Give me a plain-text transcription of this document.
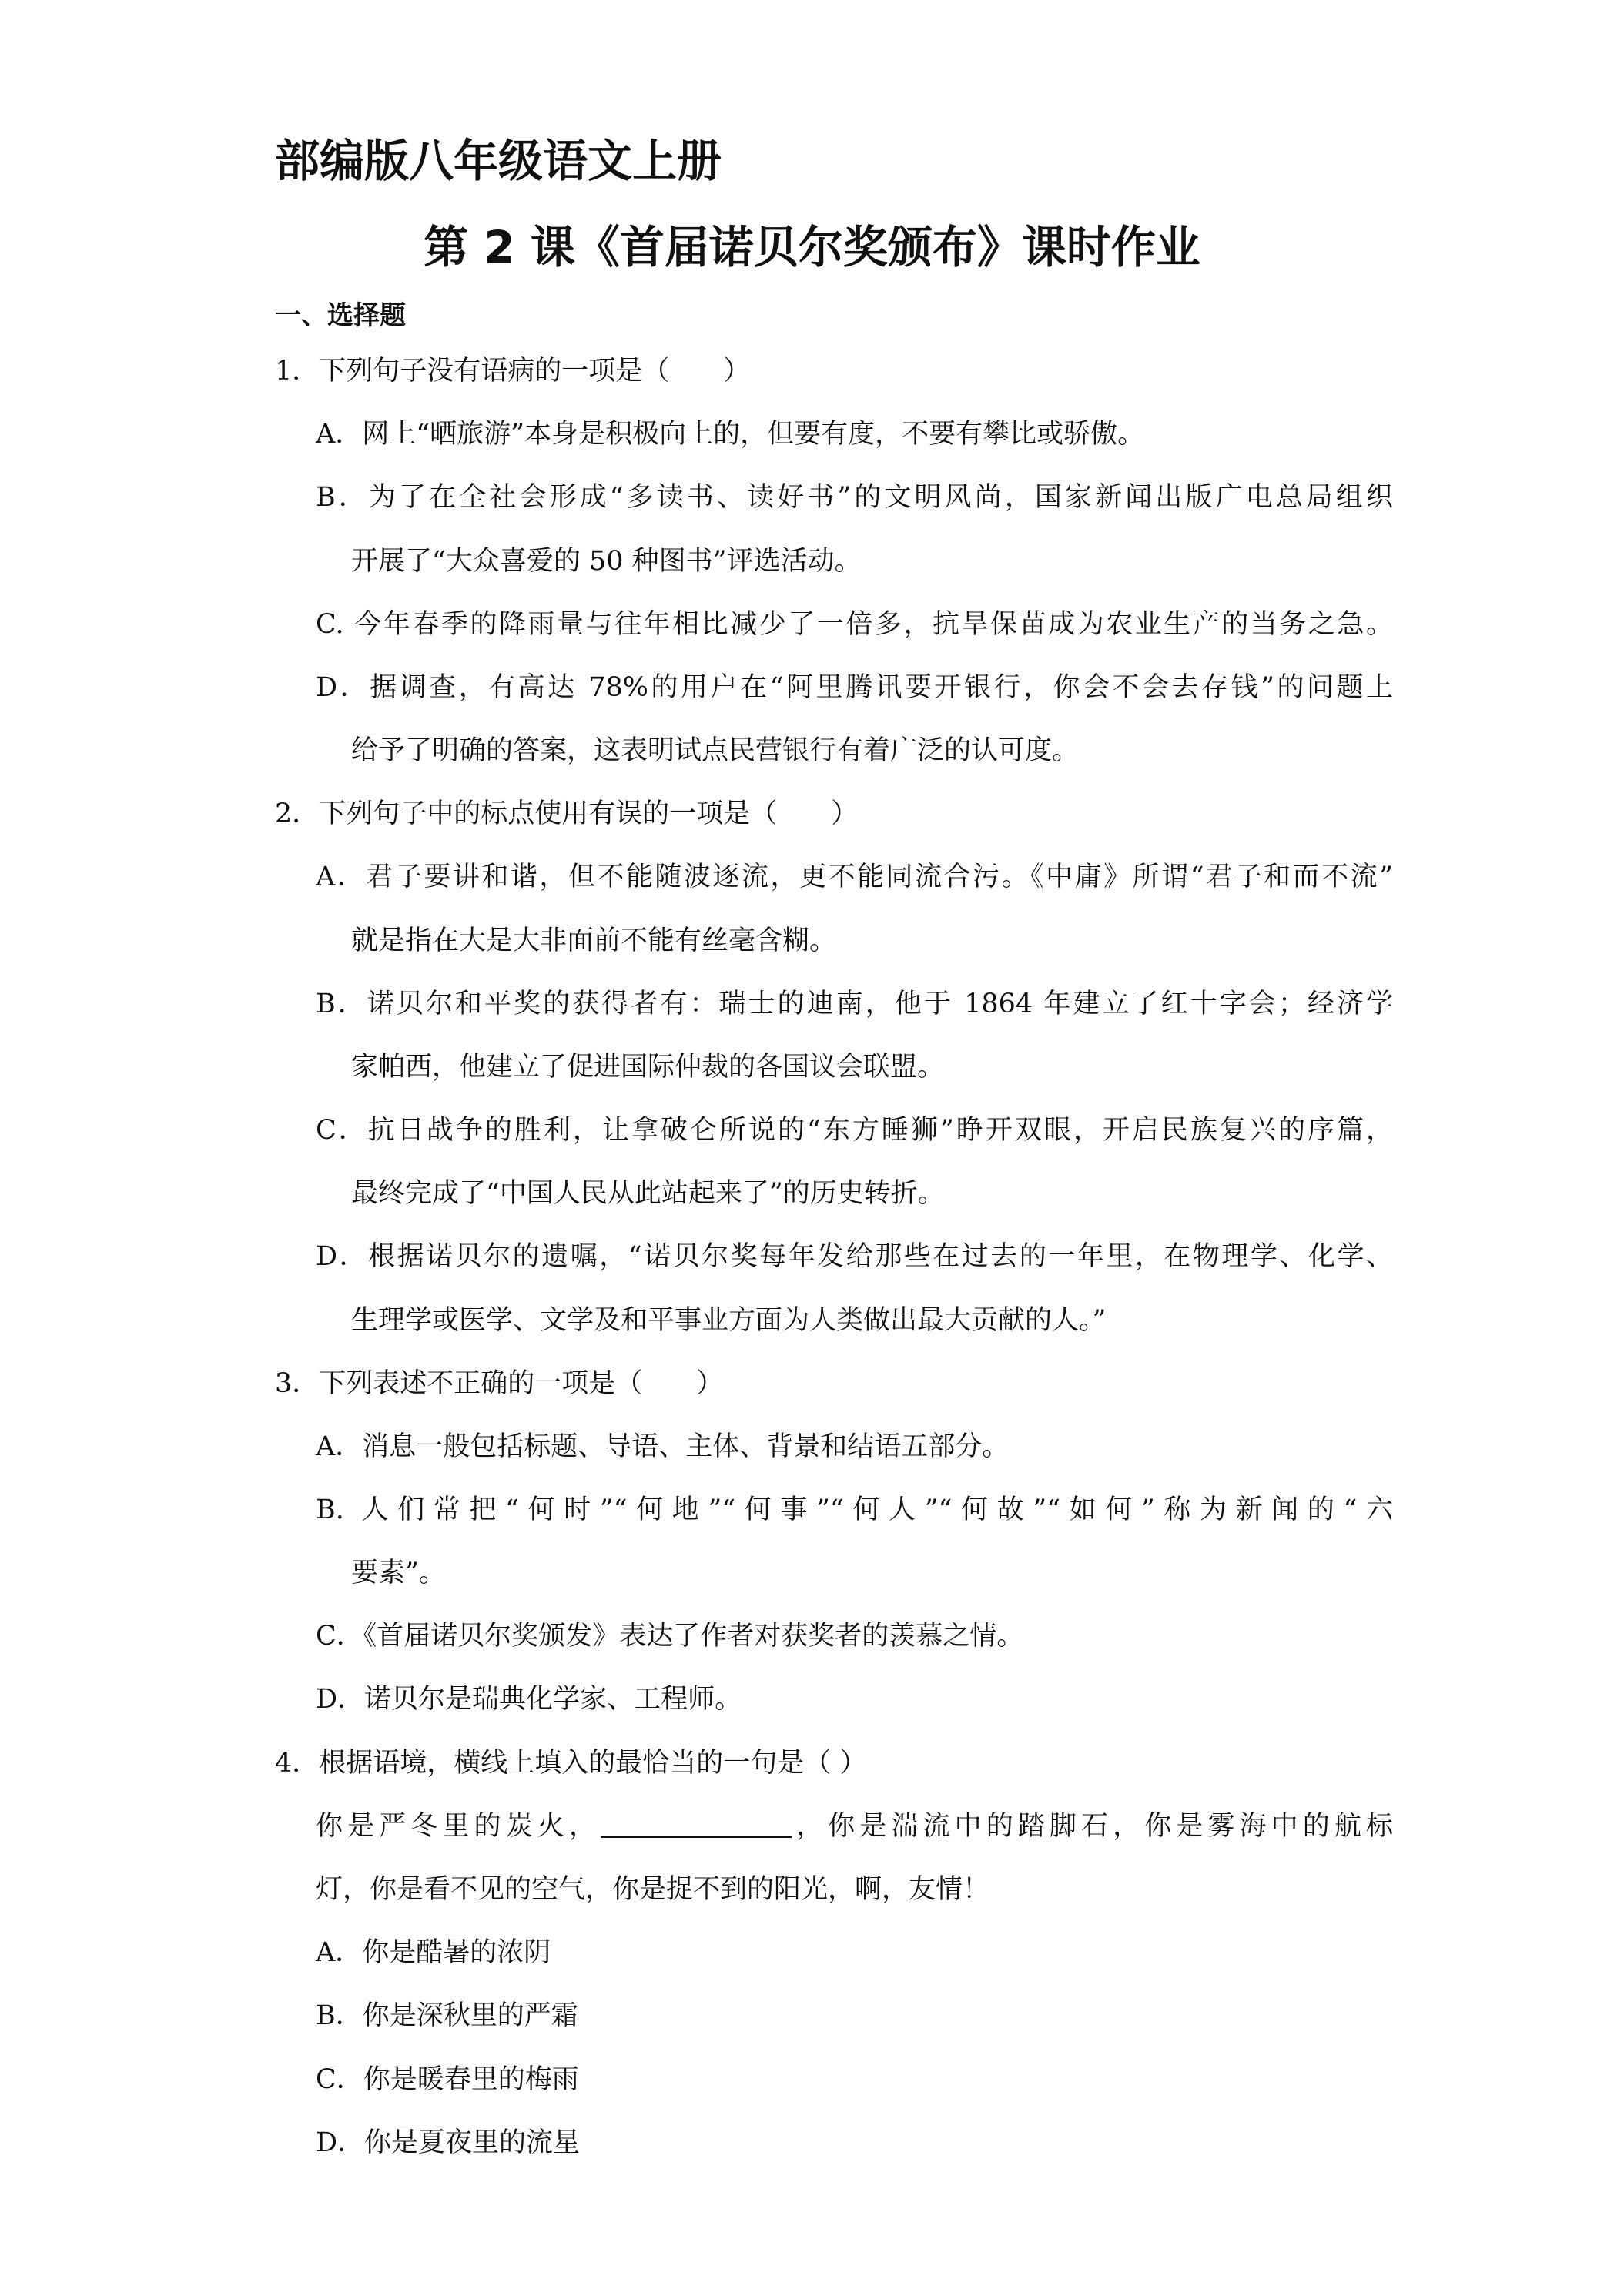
部编版八年级语文上册
第 2 课《首届诺贝尔奖颁布》课时作业
一、选择题
1．下列句子没有语病的一项是（　　）
A．网上“晒旅游”本身是积极向上的，但要有度，不要有攀比或骄傲。
B．为了在全社会形成“多读书、读好书”的文明风尚，国家新闻出版广电总局组织
开展了“大众喜爱的 50 种图书”评选活动。
C. 今年春季的降雨量与往年相比减少了一倍多，抗旱保苗成为农业生产的当务之急。
D．据调查，有高达 78%的用户在“阿里腾讯要开银行，你会不会去存钱”的问题上
给予了明确的答案，这表明试点民营银行有着广泛的认可度。
2．下列句子中的标点使用有误的一项是（　　）
A．君子要讲和谐，但不能随波逐流，更不能同流合污。《中庸》所谓“君子和而不流”
就是指在大是大非面前不能有丝毫含糊。
B．诺贝尔和平奖的获得者有：瑞士的迪南，他于 1864 年建立了红十字会；经济学
家帕西，他建立了促进国际仲裁的各国议会联盟。
C．抗日战争的胜利，让拿破仑所说的“东方睡狮”睁开双眼，开启民族复兴的序篇，
最终完成了“中国人民从此站起来了”的历史转折。
D．根据诺贝尔的遗嘱，“诺贝尔奖每年发给那些在过去的一年里，在物理学、化学、
生理学或医学、文学及和平事业方面为人类做出最大贡献的人。”
3．下列表述不正确的一项是（　　）
A．消息一般包括标题、导语、主体、背景和结语五部分。
B. 人们常把“何时”“何地”“何事”“何人”“何故”“如何”称为新闻的“六
要素”。
C．《首届诺贝尔奖颁发》表达了作者对获奖者的羡慕之情。
D．诺贝尔是瑞典化学家、工程师。
4．根据语境，横线上填入的最恰当的一句是（ ）
你是严冬里的炭火，	，你是湍流中的踏脚石，你是雾海中的航标
灯，你是看不见的空气，你是捉不到的阳光，啊，友情！
A．你是酷暑的浓阴
B．你是深秋里的严霜
C．你是暖春里的梅雨
D．你是夏夜里的流星
